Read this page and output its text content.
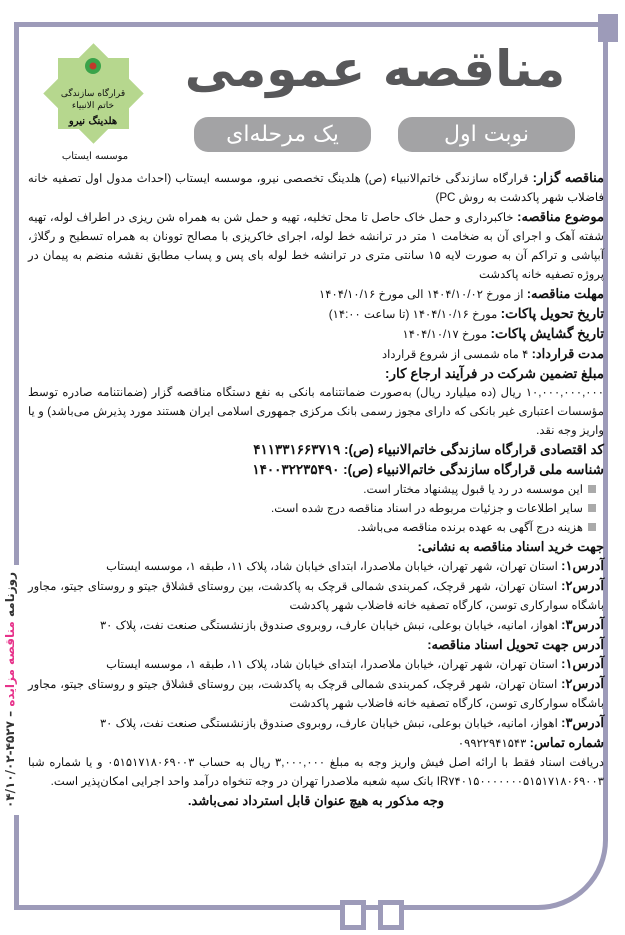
قرارگاه سازندگی
خاتم الانبیاء
هلدینگ نیرو
موسسه ایستاب
مناقصه عمومی
نوبت اول
یک مرحله‌ای
روزنامه مناقصه مزایده – ۴۵۲۷-۰۴/۱۰/۰۲

مناقصه گزار: قرارگاه سازندگی خاتم‌الانبیاء (ص) هلدینگ تخصصی نیرو، موسسه ایستاب (احداث مدول اول تصفیه خانه فاضلاب شهر پاکدشت به روش PC)

موضوع مناقصه: خاکبرداری و حمل خاک حاصل تا محل تخلیه، تهیه و حمل شن به همراه شن ریزی در اطراف لوله، تهیه شفته آهک و اجرای آن به ضخامت ۱ متر در ترانشه خط لوله، اجرای خاکریزی با مصالح توونان به همراه تسطیح و رگلاژ، آبپاشی و تراکم آن به صورت لایه ۱۵ سانتی متری در ترانشه خط لوله بای پس و پساب مطابق نقشه منضم به پیمان در پروژه تصفیه خانه پاکدشت

مهلت مناقصه: از مورخ ۱۴۰۴/۱۰/۰۲ الی مورخ ۱۴۰۴/۱۰/۱۶

تاریخ تحویل پاکات: مورخ ۱۴۰۴/۱۰/۱۶ (تا ساعت ۱۴:۰۰)

تاریخ گشایش پاکات: مورخ ۱۴۰۴/۱۰/۱۷

مدت قرارداد: ۴ ماه شمسی از شروع قرارداد

مبلغ تضمین شرکت در فرآیند ارجاع کار:

۱۰,۰۰۰,۰۰۰,۰۰۰ ریال (ده میلیارد ریال) به‌صورت ضمانتنامه بانکی به نفع دستگاه مناقصه گزار (ضمانتنامه صادره توسط مؤسسات اعتباری غیر بانکی که دارای مجوز رسمی بانک مرکزی جمهوری اسلامی ایران هستند مورد پذیرش می‌باشد) و یا واریز وجه نقد.

کد اقتصادی قرارگاه سازندگی خاتم‌الانبیاء (ص): ۴۱۱۳۳۱۶۶۳۷۱۹

شناسه ملی قرارگاه سازندگی خاتم‌الانبیاء (ص): ۱۴۰۰۳۲۲۳۵۴۹۰

این موسسه در رد یا قبول پیشنهاد مختار است.

سایر اطلاعات و جزئیات مربوطه در اسناد مناقصه درج شده است.

هزینه درج آگهی به عهده برنده مناقصه می‌باشد.

جهت خرید اسناد مناقصه به نشانی:

آدرس۱: استان تهران، شهر تهران، خیابان ملاصدرا، ابتدای خیابان شاد، پلاک ۱۱، طبقه ۱، موسسه ایستاب

آدرس۲: استان تهران، شهر قرچک، کمربندی شمالی قرچک به پاکدشت، بین روستای قشلاق جیتو و روستای جیتو، مجاور باشگاه سوارکاری توسن، کارگاه تصفیه خانه فاضلاب شهر پاکدشت

آدرس۳: اهواز، امانیه، خیابان بوعلی، نبش خیابان عارف، روبروی صندوق بازنشستگی صنعت نفت، پلاک ۳۰

آدرس جهت تحویل اسناد مناقصه:

آدرس۱: استان تهران، شهر تهران، خیابان ملاصدرا، ابتدای خیابان شاد، پلاک ۱۱، طبقه ۱، موسسه ایستاب

آدرس۲: استان تهران، شهر قرچک، کمربندی شمالی قرچک به پاکدشت، بین روستای قشلاق جیتو و روستای جیتو، مجاور باشگاه سوارکاری توسن، کارگاه تصفیه خانه فاضلاب شهر پاکدشت

آدرس۳: اهواز، امانیه، خیابان بوعلی، نبش خیابان عارف، روبروی صندوق بازنشستگی صنعت نفت، پلاک ۳۰

شماره تماس: ۰۹۹۲۲۹۴۱۵۴۳

دریافت اسناد فقط با ارائه اصل فیش واریز وجه به مبلغ ۳,۰۰۰,۰۰۰ ریال به حساب ۰۵۱۵۱۷۱۸۰۶۹۰۰۳ و یا شماره شبا IR۷۴۰۱۵۰۰۰۰۰۰۰۵۱۵۱۷۱۸۰۶۹۰۰۳ بانک سپه شعبه ملاصدرا تهران در وجه تنخواه درآمد واحد اجرایی امکان‌پذیر است.

وجه مذکور به هیچ عنوان قابل استرداد نمی‌باشد.
